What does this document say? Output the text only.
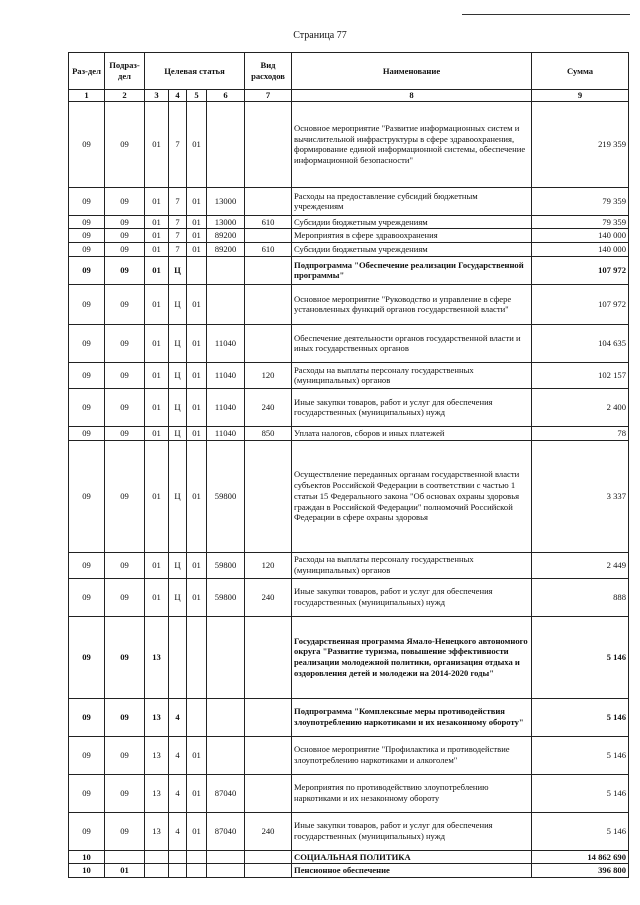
Страница 77
Раз-дел	Подраз-дел	Целевая статья				Вид расходов	Наименование	Сумма
1	2	3	4	5	6	7	8	9
09	09	01	7	01			Основное мероприятие "Развитие информационных систем и вычислительной инфраструктуры в сфере здравоохранения, формирование единой информационной системы, обеспечение информационной безопасности"	219 359
09	09	01	7	01	13000		Расходы на предоставление субсидий бюджетным учреждениям	79 359
09	09	01	7	01	13000	610	Субсидии бюджетным учреждениям	79 359
09	09	01	7	01	89200		Мероприятия в сфере здравоохранения	140 000
09	09	01	7	01	89200	610	Субсидии бюджетным учреждениям	140 000
09	09	01	Ц				Подпрограмма "Обеспечение реализации Государственной программы"	107 972
09	09	01	Ц	01			Основное мероприятие "Руководство и управление в сфере установленных функций органов государственной власти"	107 972
09	09	01	Ц	01	11040		Обеспечение деятельности органов государственной власти и иных государственных органов	104 635
09	09	01	Ц	01	11040	120	Расходы на выплаты персоналу государственных (муниципальных) органов	102 157
09	09	01	Ц	01	11040	240	Иные закупки товаров, работ и услуг для обеспечения государственных (муниципальных) нужд	2 400
09	09	01	Ц	01	11040	850	Уплата налогов, сборов и иных платежей	78
09	09	01	Ц	01	59800		Осуществление переданных органам государственной власти субъектов Российской Федерации в соответствии с частью 1 статьи 15 Федерального закона "Об основах охраны здоровья граждан в Российской Федерации" полномочий Российской Федерации в сфере охраны здоровья	3 337
09	09	01	Ц	01	59800	120	Расходы на выплаты персоналу государственных (муниципальных) органов	2 449
09	09	01	Ц	01	59800	240	Иные закупки товаров, работ и услуг для обеспечения государственных (муниципальных) нужд	888
09	09	13					Государственная программа Ямало-Ненецкого автономного округа "Развитие туризма, повышение эффективности реализации молодежной политики, организация отдыха и оздоровления детей и молодежи на 2014-2020 годы"	5 146
09	09	13	4				Подпрограмма "Комплексные меры противодействия злоупотреблению наркотиками и их незаконному обороту"	5 146
09	09	13	4	01			Основное мероприятие "Профилактика и противодействие злоупотреблению наркотиками и алкоголем"	5 146
09	09	13	4	01	87040		Мероприятия по противодействию злоупотреблению наркотиками и их незаконному обороту	5 146
09	09	13	4	01	87040	240	Иные закупки товаров, работ и услуг для обеспечения государственных (муниципальных) нужд	5 146
10							СОЦИАЛЬНАЯ ПОЛИТИКА	14 862 690
10	01						Пенсионное обеспечение	396 800
